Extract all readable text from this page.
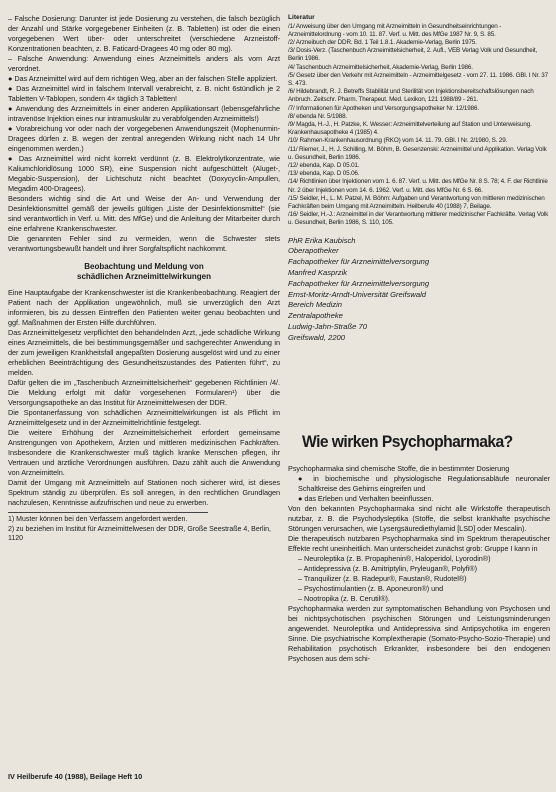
– Falsche Dosierung: Darunter ist jede Dosierung zu verstehen, die falsch bezüglich der Anzahl und Stärke vorgegebener Einheiten (z. B. Tabletten) ist oder die einen vorgegebenen Wert über- oder unterschreitet (verschiedene Arzneistoff-Konzentrationen beachten, z. B. Faticard-Dragees 40 mg oder 80 mg).

– Falsche Anwendung: Anwendung eines Arzneimittels anders als vom Arzt verordnet.

● Das Arzneimittel wird auf dem richtigen Weg, aber an der falschen Stelle appliziert.

● Das Arzneimittel wird in falschem Intervall verabreicht, z. B. nicht 6stündlich je 2 Tabletten V-Tablopen, sondern 4× täglich 3 Tabletten!

● Anwendung des Arzneimittels in einer anderen Applikationsart (lebensgefährliche intravenöse Injektion eines nur intramuskulär zu verabfolgenden Arzneimittels!)

● Vorabreichung vor oder nach der vorgegebenen Anwendungszeit (Mophenurmin-Dragees dürfen z. B. wegen der zentral anregenden Wirkung nicht nach 14 Uhr eingenommen werden.)

● Das Arzneimittel wird nicht korrekt verdünnt (z. B. Elektrolytkonzentrate, wie Kaliumchloridlösung 1000 SR), eine Suspension nicht aufgeschüttelt (Aluget-, Megabic-Suspension), der Lichtschutz nicht beachtet (Doxycyclin-Ampullen, Megadim 400-Dragees).

Besonders wichtig sind die Art und Weise der An- und Verwendung der Desinfektionsmittel gemäß der jeweils gültigen „Liste der Desinfektionsmittel“ (sie sind verantwortlich in Verf. u. Mitt. des MfGe) und die Anleitung der Mitarbeiter durch eine erfahrene Krankenschwester.

Die genannten Fehler sind zu vermeiden, wenn die Schwester stets verantwortungsbewußt handelt und ihrer Sorgfaltspflicht nachkommt.

Beobachtung und Meldung von
schädlichen Arzneimittelwirkungen

Eine Hauptaufgabe der Krankenschwester ist die Krankenbeobachtung. Reagiert der Patient nach der Applikation ungewöhnlich, muß sie unverzüglich den Arzt informieren, bis zu dessen Eintreffen den Patienten weiter genau beobachten und ggf. Maßnahmen der Ersten Hilfe durchführen.

Das Arzneimittelgesetz verpflichtet den behandelnden Arzt, „jede schädliche Wirkung eines Arzneimittels, die bei bestimmungsgemäßer und sachgerechter Anwendung in der zum jeweiligen Krankheitsfall angepaßten Dosierung ausgelöst wird und zu einer erheblichen Beeinträchtigung des Gesundheitszustandes des Patienten führt“, zu melden.

Dafür gelten die im „Taschenbuch Arzneimittelsicherheit“ gegebenen Richtlinien /4/. Die Meldung erfolgt mit dafür vorgesehenen Formularen¹) über die Versorgungsapotheke an das Institut für Arzneimittelwesen der DDR.

Die Spontanerfassung von schädlichen Arzneimittelwirkungen ist als Pflicht im Arzneimittelgesetz und in der Arzneimittelrichtlinie festgelegt.

Die weitere Erhöhung der Arzneimittelsicherheit erfordert gemeinsame Anstrengungen von Apothekern, Ärzten und mittleren medizinischen Fachkräften. Insbesondere die Krankenschwester muß täglich kranke Menschen pflegen, ihr Vertrauen und ärztliche Verordnungen ausführen. Dazu zählt auch die Anwendung von Arzneimitteln.

Damit der Umgang mit Arzneimitteln auf Stationen noch sicherer wird, ist dieses Spektrum ständig zu überprüfen. Es soll anregen, in den rechtlichen Grundlagen nachzulesen, Kenntnisse aufzufrischen und neue zu erwerben.

1) Muster können bei den Verfassern angefordert werden.

2) zu beziehen im Institut für Arzneimittelwesen der DDR, Große Seestraße 4, Berlin, 1120

IV Heilberufe 40 (1988), Beilage Heft 10
Literatur

/1/ Anweisung über den Umgang mit Arzneimitteln in Gesundheitseinrichtungen - Arzneimittelordnung - vom 10. 11. 87. Verf. u. Mitt. des MfGe 1987 Nr. 9, S. 85.

/2/ Arzneibuch der DDR. Bd. 1 Teil 1.8.1. Akademie-Verlag, Berlin 1975.

/3/ Dosis-Verz. (Taschenbuch Arzneimittelsicherheit, 2. Aufl., VEB Verlag Volk und Gesundheit, Berlin 1986.

/4/ Taschenbuch Arzneimittelsicherheit, Akademie-Verlag, Berlin 1986.

/5/ Gesetz über den Verkehr mit Arzneimitteln - Arzneimittelgesetz - vom 27. 11. 1986. GBl. I Nr. 37 S. 473.

/6/ Hildebrandt, R. J. Betreffs Stabilität und Sterilität von Injektionsbereitschaftslösungen nach Anbruch. Zeitschr. Pharm. Therapeut. Med. Lexikon, 121 1988/89 - 261.

/7/ Informationen für Apotheken und Versorgungsapotheker Nr. 12/1986.

/8/ ebenda Nr. 5/1988.

/9/ Magda, H.-J., H. Patzke, K. Wesser: Arzneimittelverteilung auf Station und Unterweisung. Krankenhausapotheke 4 (1985) 4.

/10/ Rahmen-Krankenhausordnung (RKO) vom 14. 11. 79. GBl. I Nr. 2/1980, S. 29.

/11/ Riemer, J., H. J. Schilling, M. Böhm, B. Gesenzenski: Arzneimittel und Applikation. Verlag Volk u. Gesundheit, Berlin 1986.

/12/ ebenda, Kap. D 05.01.

/13/ ebenda, Kap. D 05.06.

/14/ Richtlinien über Injektionen vom 1. 6. 87. Verf. u. Mitt. des MfGe Nr. 8 S. 78; 4. F. der Richtlinie Nr. 2 über Injektionen vom 14. 6. 1962. Verf. u. Mitt. des MfGe Nr. 6 S. 66.

/15/ Seidler, H., L. M. Patzel, M. Böhm: Aufgaben und Verantwortung von mittleren medizinischen Fachkräften beim Umgang mit Arzneimitteln. Heilberufe 40 (1988) 7, Beilage.

/16/ Seidler, H.-J.: Arzneimittel in der Verantwortung mittlerer medizinischer Fachkräfte. Verlag Volk u. Gesundheit, Berlin 1986, S. 110, 105.

PhR Erika Kaubisch
Oberapotheker
Fachapotheker für Arzneimittelversorgung
Manfred Kasprzik
Fachapotheker für Arzneimittelversorgung
Ernst-Moritz-Arndt-Universität Greifswald
Bereich Medizin
Zentralapotheke
Ludwig-Jahn-Straße 70
Greifswald, 2200
Wie wirken Psychopharmaka?

Psychopharmaka sind chemische Stoffe, die in bestimmter Dosierung

● in biochemische und physiologische Regulationsabläufe neuronaler Schaltkreise des Gehirns eingreifen und

● das Erleben und Verhalten beeinflussen.

Von den bekannten Psychopharmaka sind nicht alle Wirkstoffe therapeutisch nutzbar, z. B. die Psychodysleptika (Stoffe, die selbst krankhafte psychische Störungen verursachen, wie Lysergsäurediethylamid [LSD] oder Mescalin).

Die therapeutisch nutzbaren Psychopharmaka sind im Spektrum therapeutischer Effekte recht uneinheitlich. Man unterscheidet zunächst grob: Gruppe I kann in

– Neuroleptika (z. B. Propaphenin®, Haloperidol, Lyorodin®)

– Antidepressiva (z. B. Amitriptylin, Pryleugan®, Polyfi®)

– Tranquilizer (z. B. Radepur®, Faustan®, Rudotel®)

– Psychostimulantien (z. B. Aponeuron®) und

– Nootropika (z. B. Cerutil®).

Psychopharmaka werden zur symptomatischen Behandlung von Psychosen und bei nichtpsychotischen psychischen Störungen und Leistungsminderungen angewendet. Neuroleptika und Antidepressiva sind Antipsychotika im engeren Sinne. Die psychiatrische Komplextherapie (Somato-Psycho-Sozio-Therapie) und Rehabilitation psychotisch Erkrankter, insbesondere bei den endogenen Psychosen aus dem schi-
